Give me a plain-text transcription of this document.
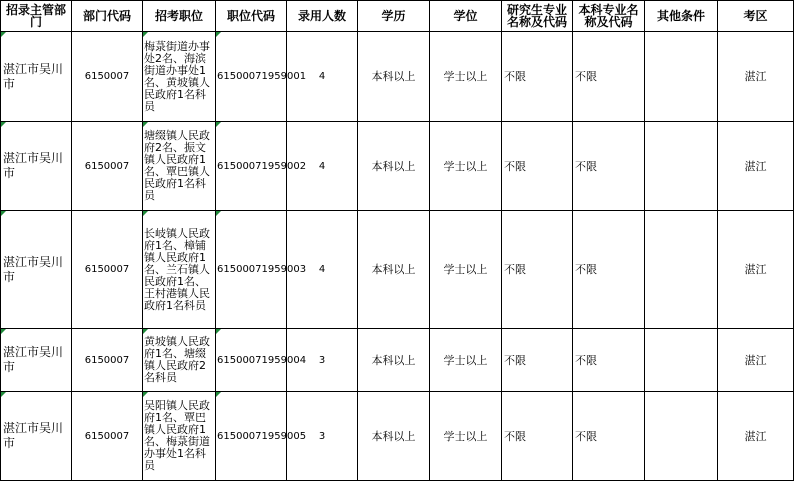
招录主管部门	部门代码	招考职位	职位代码	录用人数	学历	学位	研究生专业名称及代码	本科专业名称及代码	其他条件	考区
湛江市吴川市	6150007	梅菉街道办事处2名、海滨街道办事处1名、黄坡镇人民政府1名科员	61500071959001	4	本科以上	学士以上	不限	不限		湛江
湛江市吴川市	6150007	塘缀镇人民政府2名、振文镇人民政府1名、覃巴镇人民政府1名科员	61500071959002	4	本科以上	学士以上	不限	不限		湛江
湛江市吴川市	6150007	长岐镇人民政府1名、樟铺镇人民政府1名、兰石镇人民政府1名、王村港镇人民政府1名科员	61500071959003	4	本科以上	学士以上	不限	不限		湛江
湛江市吴川市	6150007	黄坡镇人民政府1名、塘缀镇人民政府2名科员	61500071959004	3	本科以上	学士以上	不限	不限		湛江
湛江市吴川市	6150007	吴阳镇人民政府1名、覃巴镇人民政府1名、梅菉街道办事处1名科员	61500071959005	3	本科以上	学士以上	不限	不限		湛江
